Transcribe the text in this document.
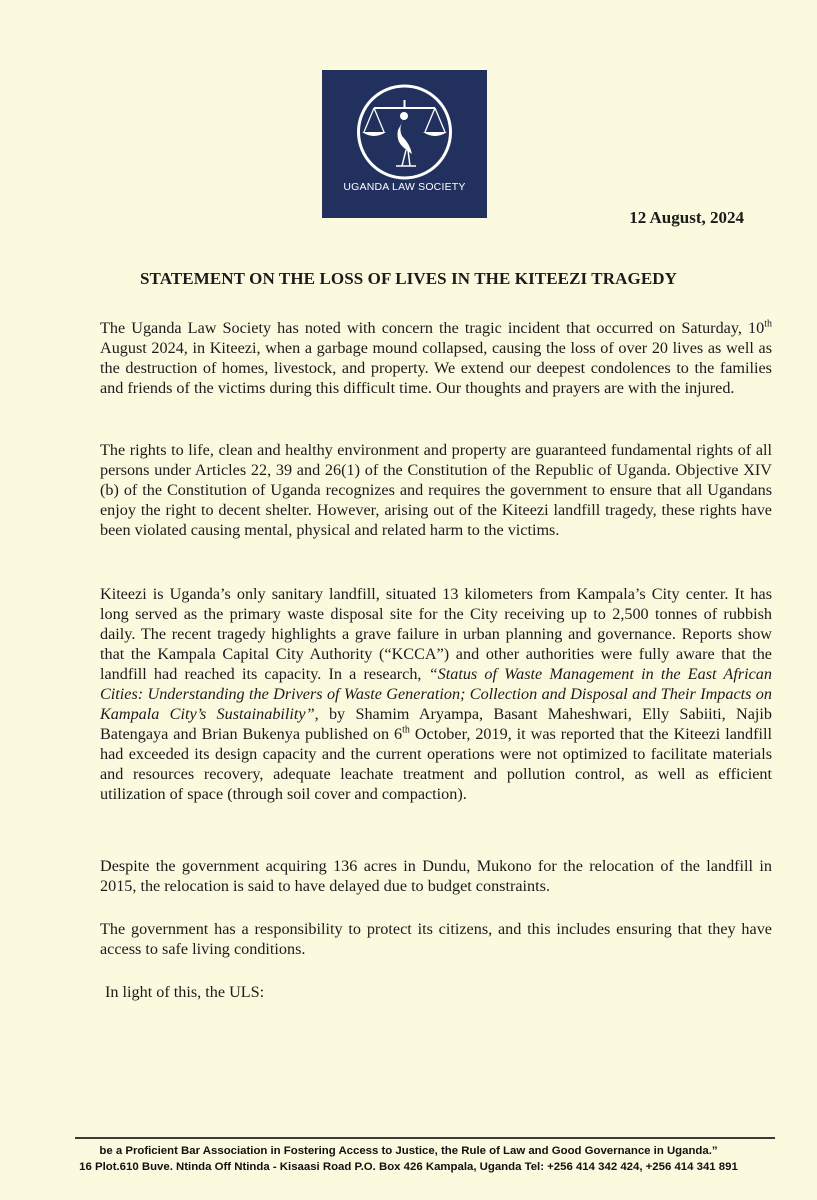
UGANDA LAW SOCIETY
12 August, 2024
STATEMENT ON THE LOSS OF LIVES IN THE KITEEZI TRAGEDY

The Uganda Law Society has noted with concern the tragic incident that occurred on Saturday, 10th August 2024, in Kiteezi, when a garbage mound collapsed, causing the loss of over 20 lives as well as the destruction of homes, livestock, and property. We extend our deepest condolences to the families and friends of the victims during this difficult time. Our thoughts and prayers are with the injured.

The rights to life, clean and healthy environment and property are guaranteed fundamental rights of all persons under Articles 22, 39 and 26(1) of the Constitution of the Republic of Uganda. Objective XIV (b) of the Constitution of Uganda recognizes and requires the government to ensure that all Ugandans enjoy the right to decent shelter. However, arising out of the Kiteezi landfill tragedy, these rights have been violated causing mental, physical and related harm to the victims.

Kiteezi is Uganda’s only sanitary landfill, situated 13 kilometers from Kampala’s City center. It has long served as the primary waste disposal site for the City receiving up to 2,500 tonnes of rubbish daily. The recent tragedy highlights a grave failure in urban planning and governance. Reports show that the Kampala Capital City Authority (“KCCA”) and other authorities were fully aware that the landfill had reached its capacity. In a research, “Status of Waste Management in the East African Cities: Understanding the Drivers of Waste Generation; Collection and Disposal and Their Impacts on Kampala City’s Sustainability”, by Shamim Aryampa, Basant Maheshwari, Elly Sabiiti, Najib Batengaya and Brian Bukenya published on 6th October, 2019, it was reported that the Kiteezi landfill had exceeded its design capacity and the current operations were not optimized to facilitate materials and resources recovery, adequate leachate treatment and pollution control, as well as efficient utilization of space (through soil cover and compaction).

Despite the government acquiring 136 acres in Dundu, Mukono for the relocation of the landfill in 2015, the relocation is said to have delayed due to budget constraints.

The government has a responsibility to protect its citizens, and this includes ensuring that they have access to safe living conditions.

In light of this, the ULS:

be a Proficient Bar Association in Fostering Access to Justice, the Rule of Law and Good Governance in Uganda.”
16 Plot.610 Buve. Ntinda Off Ntinda - Kisaasi Road P.O. Box 426 Kampala, Uganda Tel: +256 414 342 424, +256 414 341 891
